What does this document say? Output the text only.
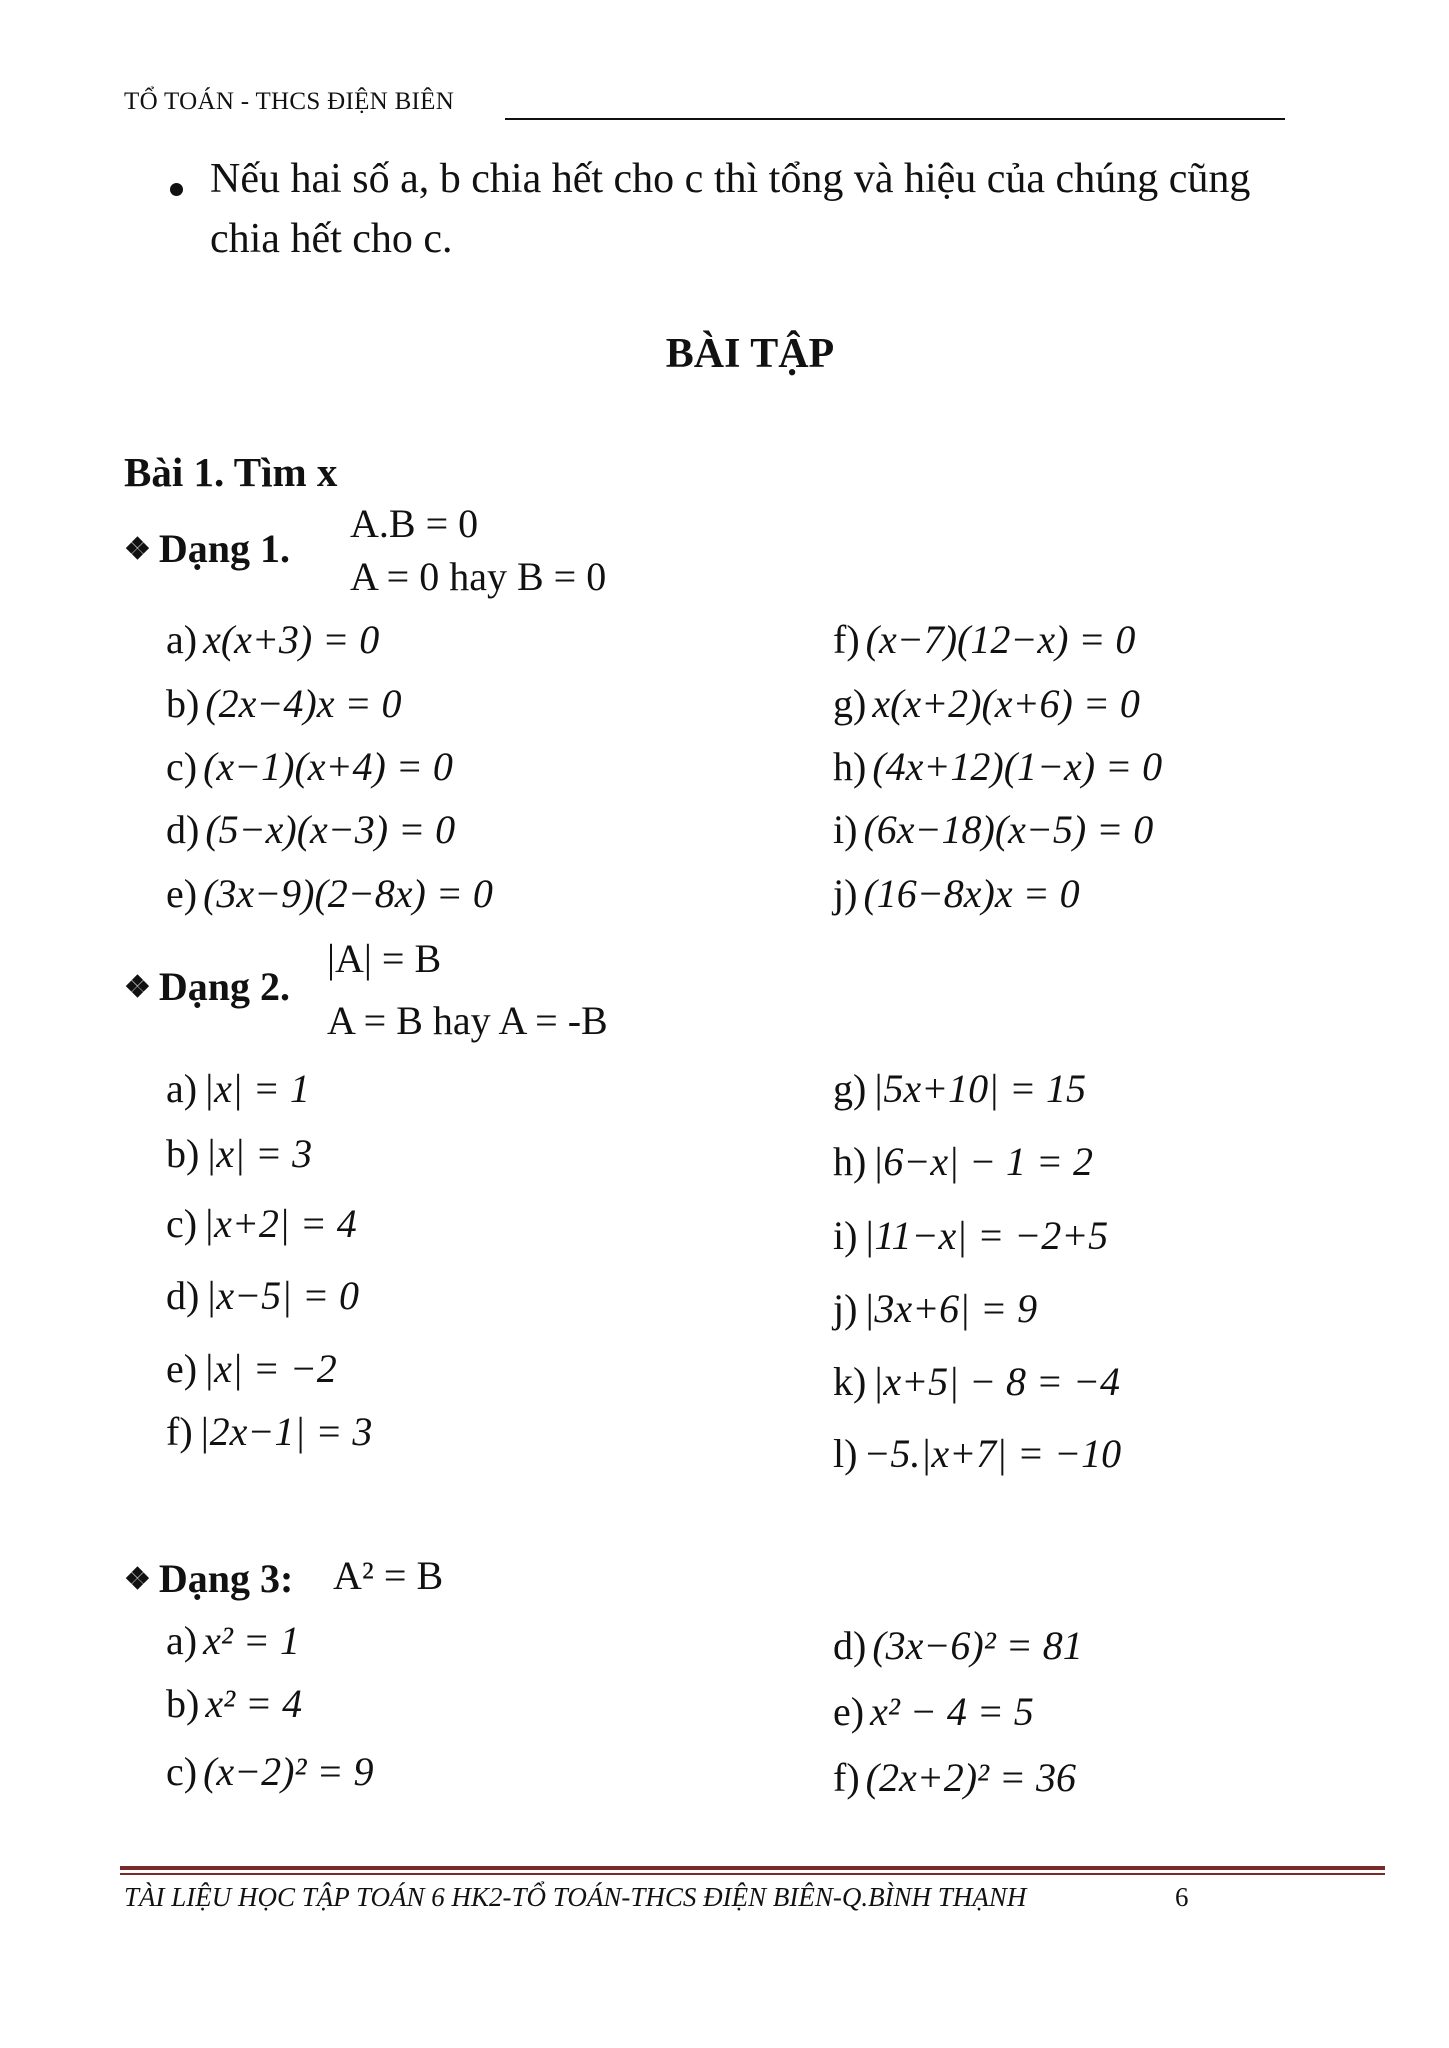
TỔ TOÁN - THCS ĐIỆN BIÊN
Nếu hai số a, b chia hết cho c thì tổng và hiệu của chúng cũng
chia hết cho c.
BÀI TẬP
Bài 1. Tìm x
❖ Dạng 1.
A.B = 0
A = 0 hay B = 0
a) x(x+3) = 0
b) (2x−4)x = 0
c) (x−1)(x+4) = 0
d) (5−x)(x−3) = 0
e) (3x−9)(2−8x) = 0
f) (x−7)(12−x) = 0
g) x(x+2)(x+6) = 0
h) (4x+12)(1−x) = 0
i) (6x−18)(x−5) = 0
j) (16−8x)x = 0
❖ Dạng 2.
|A| = B
A = B hay A = -B
a) |x| = 1
b) |x| = 3
c) |x+2| = 4
d) |x−5| = 0
e) |x| = −2
f) |2x−1| = 3
g) |5x+10| = 15
h) |6−x| − 1 = 2
i) |11−x| = −2+5
j) |3x+6| = 9
k) |x+5| − 8 = −4
l) −5.|x+7| = −10
❖ Dạng 3: A² = B
a) x² = 1
b) x² = 4
c) (x−2)² = 9
d) (3x−6)² = 81
e) x² − 4 = 5
f) (2x+2)² = 36
TÀI LIỆU HỌC TẬP TOÁN 6 HK2-TỔ TOÁN-THCS ĐIỆN BIÊN-Q.BÌNH THẠNH	6
